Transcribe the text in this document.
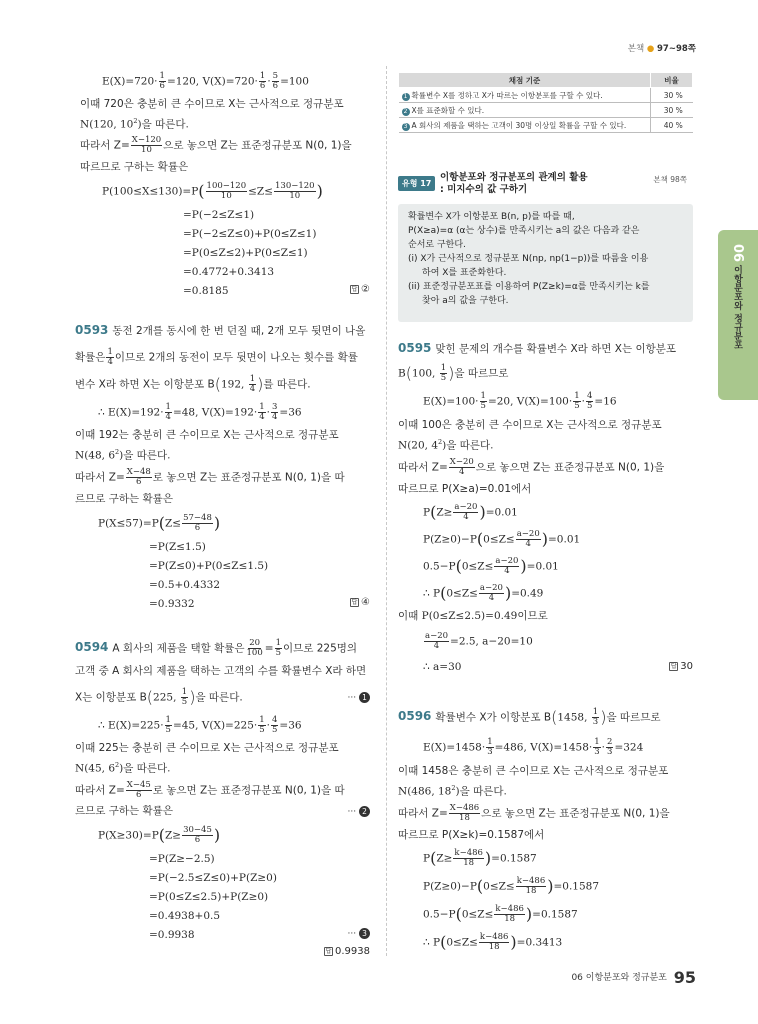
본책 ● 97~98쪽
$E(X)=720\cdot \frac{1}{6} =120$, $V(X)=720\cdot \frac{1}{6} \cdot \frac{5}{6} =100$
이때 720은 충분히 큰 수이므로 X는 근사적으로 정규분포
N(120, $10^2$)을 따른다.
따라서 $Z= \frac{X-120}{10}$ 으로 놓으면 Z는 표준정규분포 N(0, 1)을
따르므로 구하는 확률은
$P(100\le X\le 130)=P( \frac{100-120}{10} \le Z\le \frac{130-120}{10}$ )
=P(−2≤Z≤1)
=P(−2≤Z≤0)+P(0≤Z≤1)
=P(0≤Z≤2)+P(0≤Z≤1)
=0.4772+0.3413
=0.8185	답 ②
0593 동전 2개를 동시에 한 번 던질 때, 2개 모두 뒷면이 나올
확률은 $\frac{1}{4}$ 이므로 2개의 동전이 모두 뒷면이 나오는 횟수를 확률
변수 X라 하면 X는 이항분포 B(192, $\frac{1}{4}$ )를 따른다.
∴ $E(X)=192\cdot \frac{1}{4} =48$, $V(X)=192\cdot \frac{1}{4} \cdot \frac{3}{4} =36$
이때 192는 충분히 큰 수이므로 X는 근사적으로 정규분포
N(48, $6^2$)을 따른다.
따라서 $Z= \frac{X-48}{6}$ 로 놓으면 Z는 표준정규분포 N(0, 1)을 따
르므로 구하는 확률은
$P(X\le 57)=P(Z\le \frac{57-48}{6}$ )
=P(Z≤1.5)
=P(Z≤0)+P(0≤Z≤1.5)
=0.5+0.4332
=0.9332	답 ④
0594 A 회사의 제품을 택할 확률은 $\frac{20}{100} = \frac{1}{5}$ 이므로 225명의
고객 중 A 회사의 제품을 택하는 고객의 수를 확률변수 X라 하면
X는 이항분포 B(225, $\frac{1}{5}$ )을 따른다.	··· 1
∴ $E(X)=225\cdot \frac{1}{5} =45$, $V(X)=225\cdot \frac{1}{5} \cdot \frac{4}{5} =36$
이때 225는 충분히 큰 수이므로 X는 근사적으로 정규분포
N(45, $6^2$)을 따른다.
따라서 $Z= \frac{X-45}{6}$ 로 놓으면 Z는 표준정규분포 N(0, 1)을 따
르므로 구하는 확률은	··· 2
$P(X\ge 30)=P(Z\ge \frac{30-45}{6}$ )
=P(Z≥−2.5)
=P(−2.5≤Z≤0)+P(Z≥0)
=P(0≤Z≤2.5)+P(Z≥0)
=0.4938+0.5
=0.9938	··· 3
답 0.9938
채점 기준	비율
1 확률변수 X를 정하고 X가 따르는 이항분포를 구할 수 있다.	30 %
2 X를 표준화할 수 있다.	30 %
3 A 회사의 제품을 택하는 고객이 30명 이상일 확률을 구할 수 있다.	40 %
유형 17
이항분포와 정규분포의 관계의 활용
: 미지수의 값 구하기
본책 98쪽
확률변수 X가 이항분포 B(n, p)를 따를 때,
P(X≥a)=α (α는 상수)를 만족시키는 a의 값은 다음과 같은
순서로 구한다.
(i) X가 근사적으로 정규분포 N(np, np(1−p))를 따름을 이용
하여 X를 표준화한다.
(ii) 표준정규분포표를 이용하여 P(Z≥k)=α를 만족시키는 k를
찾아 a의 값을 구한다.
06 이항분포와 정규분포
0595 맞힌 문제의 개수를 확률변수 X라 하면 X는 이항분포
B(100, $\frac{1}{5}$ )을 따르므로
$E(X)=100\cdot \frac{1}{5} =20$, $V(X)=100\cdot \frac{1}{5} \cdot \frac{4}{5} =16$
이때 100은 충분히 큰 수이므로 X는 근사적으로 정규분포
N(20, $4^2$)을 따른다.
따라서 $Z= \frac{X-20}{4}$ 으로 놓으면 Z는 표준정규분포 N(0, 1)을
따르므로 P(X≥a)=0.01에서
$P(Z\ge \frac{a-20}{4} )=0.01$
$P(Z\ge 0)-P(0\le Z\le \frac{a-20}{4} )=0.01$
$0.5-P(0\le Z\le \frac{a-20}{4} )=0.01$
∴ $P(0\le Z\le \frac{a-20}{4} )=0.49$
이때 P(0≤Z≤2.5)=0.49이므로
$\frac{a-20}{4} =2.5$, a−20=10
∴ a=30	답 30
0596 확률변수 X가 이항분포 B(1458, $\frac{1}{3}$ )을 따르므로
$E(X)=1458\cdot \frac{1}{3} =486$, $V(X)=1458\cdot \frac{1}{3} \cdot \frac{2}{3} =324$
이때 1458은 충분히 큰 수이므로 X는 근사적으로 정규분포
N(486, $18^2$)을 따른다.
따라서 $Z= \frac{X-486}{18}$ 으로 놓으면 Z는 표준정규분포 N(0, 1)을
따르므로 P(X≥k)=0.1587에서
$P(Z\ge \frac{k-486}{18} )=0.1587$
$P(Z\ge 0)-P(0\le Z\le \frac{k-486}{18} )=0.1587$
$0.5-P(0\le Z\le \frac{k-486}{18} )=0.1587$
∴ $P(0\le Z\le \frac{k-486}{18} )=0.3413$
06 이항분포와 정규분포 95
